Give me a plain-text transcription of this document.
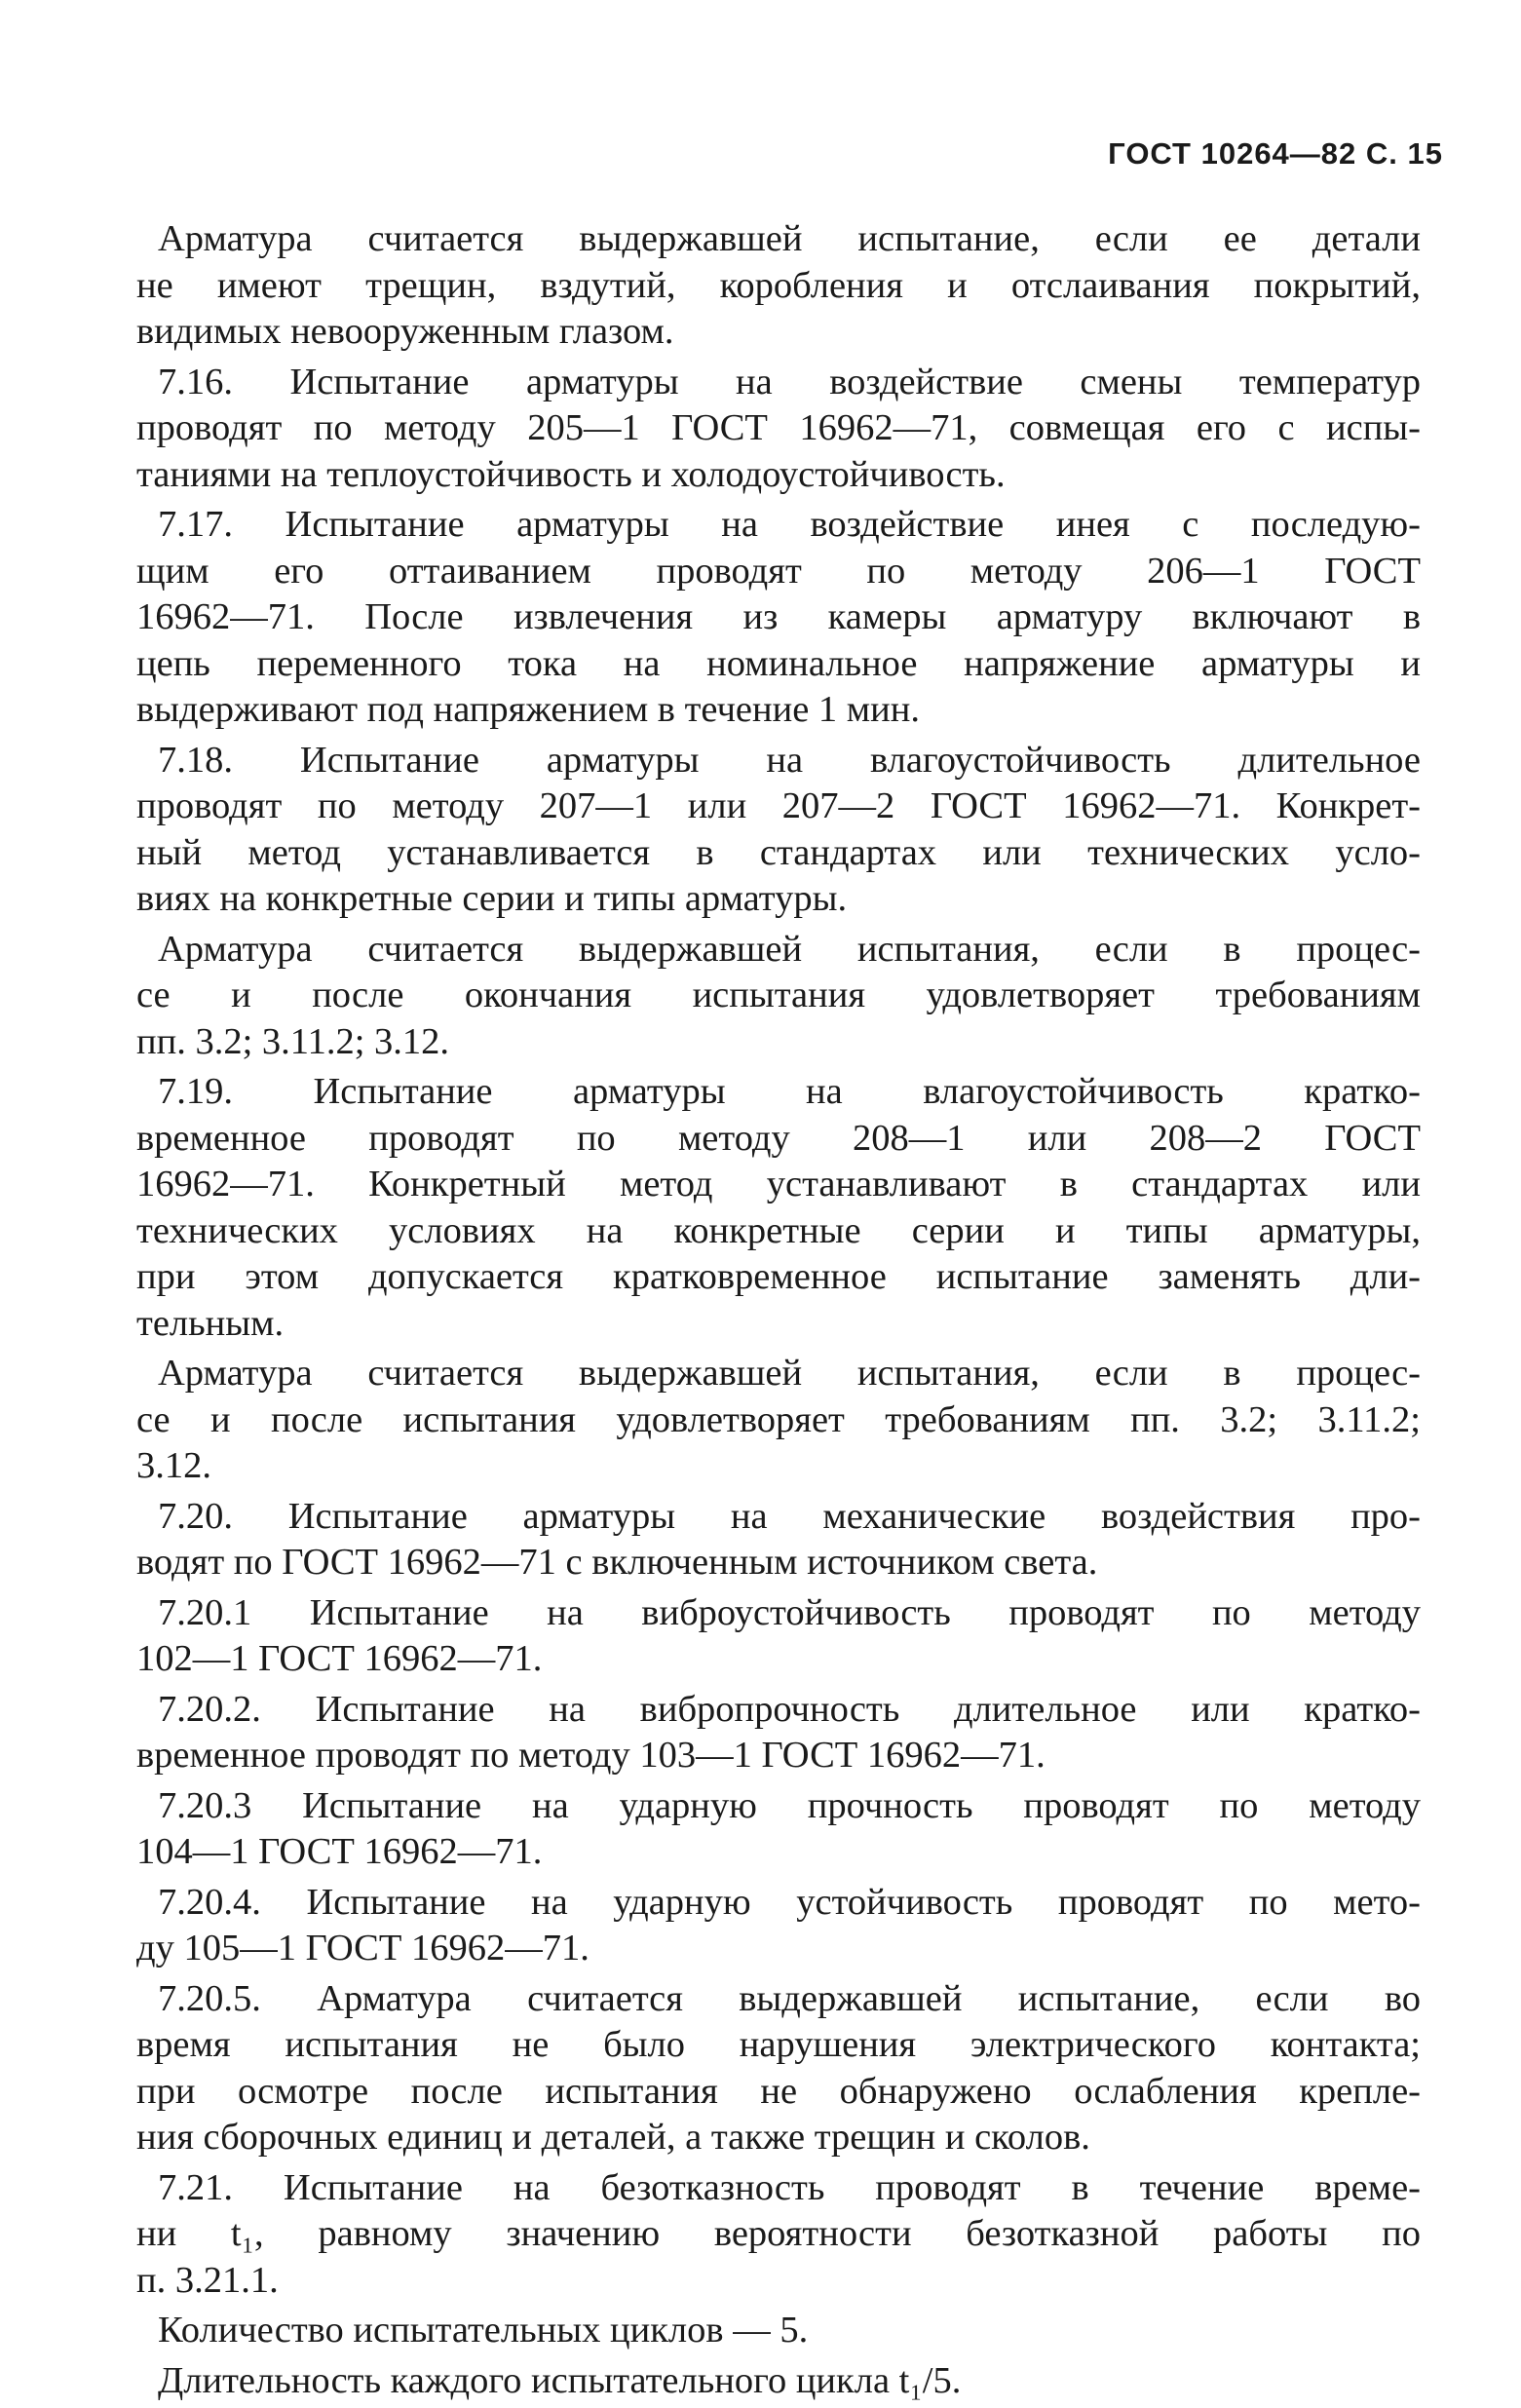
ГОСТ 10264—82 С. 15
Арматура считается выдержавшей испытание, если ее детали
не имеют трещин, вздутий, коробления и отслаивания покрытий,
видимых невооруженным глазом.
7.16. Испытание арматуры на воздействие смены температур
проводят по методу 205—1 ГОСТ 16962—71, совмещая его с испы-
таниями на теплоустойчивость и холодоустойчивость.
7.17. Испытание арматуры на воздействие инея с последую-
щим его оттаиванием проводят по методу 206—1 ГОСТ
16962—71. После извлечения из камеры арматуру включают в
цепь переменного тока на номинальное напряжение арматуры и
выдерживают под напряжением в течение 1 мин.
7.18. Испытание арматуры на влагоустойчивость длительное
проводят по методу 207—1 или 207—2 ГОСТ 16962—71. Конкрет-
ный метод устанавливается в стандартах или технических усло-
виях на конкретные серии и типы арматуры.
Арматура считается выдержавшей испытания, если в процес-
се и после окончания испытания удовлетворяет требованиям
пп. 3.2; 3.11.2; 3.12.
7.19. Испытание арматуры на влагоустойчивость кратко-
временное проводят по методу 208—1 или 208—2 ГОСТ
16962—71. Конкретный метод устанавливают в стандартах или
технических условиях на конкретные серии и типы арматуры,
при этом допускается кратковременное испытание заменять дли-
тельным.
Арматура считается выдержавшей испытания, если в процес-
се и после испытания удовлетворяет требованиям пп. 3.2; 3.11.2;
3.12.
7.20. Испытание арматуры на механические воздействия про-
водят по ГОСТ 16962—71 с включенным источником света.
7.20.1 Испытание на виброустойчивость проводят по методу
102—1 ГОСТ 16962—71.
7.20.2. Испытание на вибропрочность длительное или кратко-
временное проводят по методу 103—1 ГОСТ 16962—71.
7.20.3 Испытание на ударную прочность проводят по методу
104—1 ГОСТ 16962—71.
7.20.4. Испытание на ударную устойчивость проводят по мето-
ду 105—1 ГОСТ 16962—71.
7.20.5. Арматура считается выдержавшей испытание, если во
время испытания не было нарушения электрического контакта;
при осмотре после испытания не обнаружено ослабления крепле-
ния сборочных единиц и деталей, а также трещин и сколов.
7.21. Испытание на безотказность проводят в течение време-
ни t₁, равному значению вероятности безотказной работы по
п. 3.21.1.
Количество испытательных циклов — 5.
Длительность каждого испытательного цикла t₁/5.
